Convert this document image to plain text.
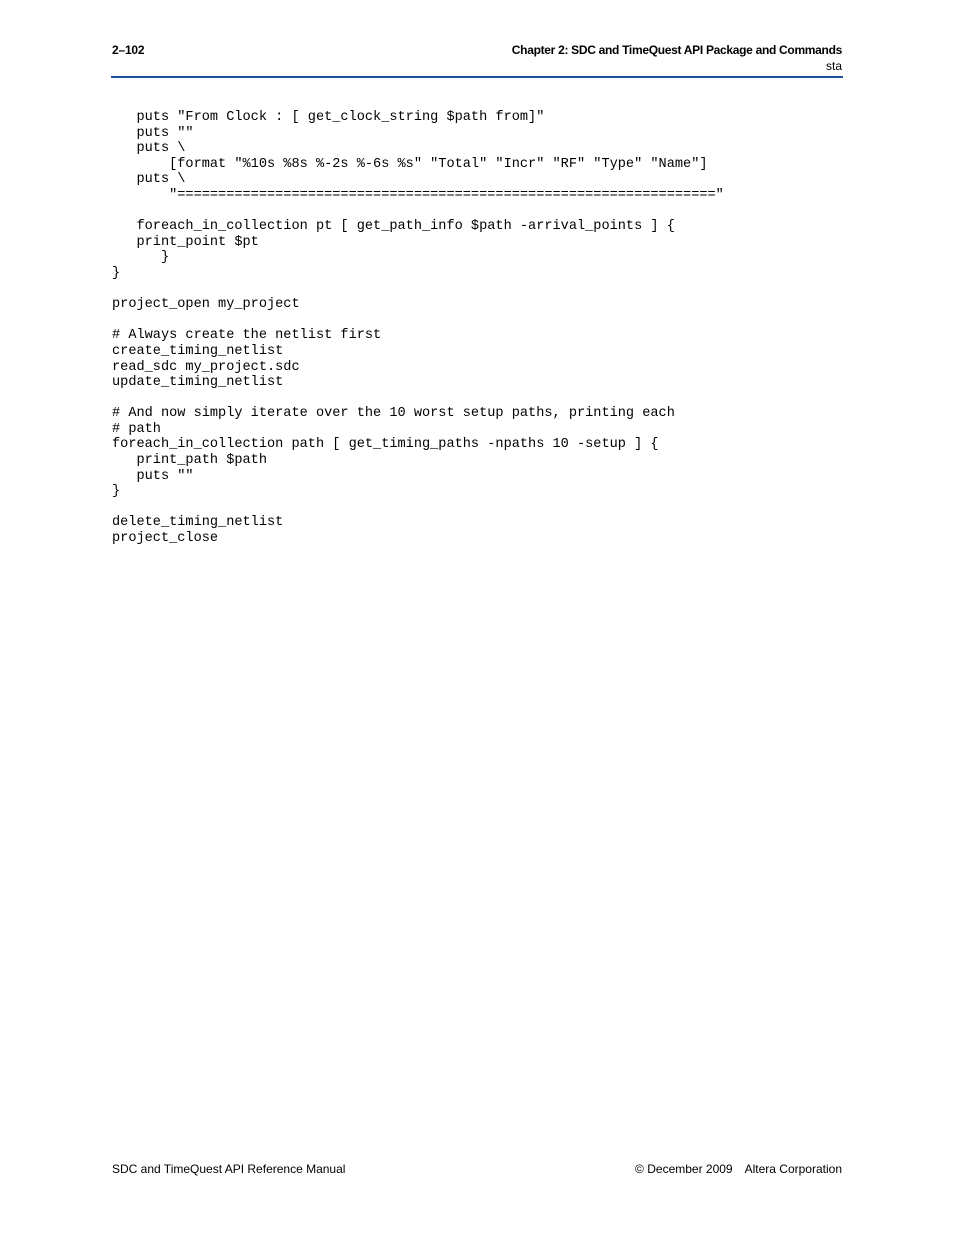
2–102	Chapter 2: SDC and TimeQuest API Package and Commands
sta
puts "From Clock : [ get_clock_string $path from]"
puts ""
puts \
[format "%10s %8s %-2s %-6s %s" "Total" "Incr" "RF" "Type" "Name"]
puts \
"=================================================================="
foreach_in_collection pt [ get_path_info $path -arrival_points ] {
print_point $pt
}
}
project_open my_project
# Always create the netlist first
create_timing_netlist
read_sdc my_project.sdc
update_timing_netlist
# And now simply iterate over the 10 worst setup paths, printing each
# path
foreach_in_collection path [ get_timing_paths -npaths 10 -setup ] {
print_path $path
puts ""
}
delete_timing_netlist
project_close
SDC and TimeQuest API Reference Manual	© December 2009 Altera Corporation
